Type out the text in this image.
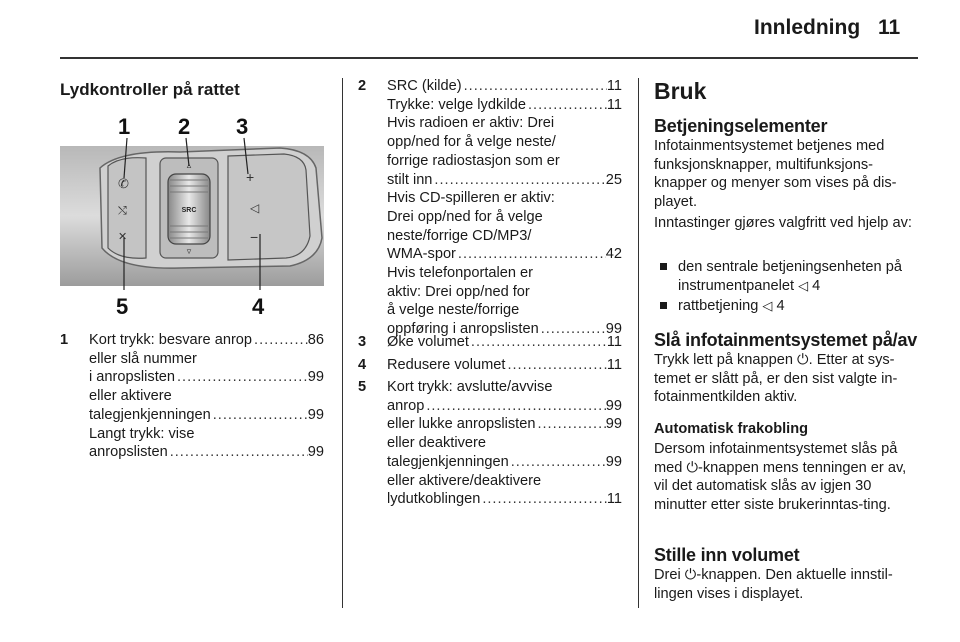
Innledning 11
Lydkontroller på rattet
SRC
▵
▿
✆
⤭
✕
+
◁
−
1 2 3
4
5
1 Kort trykk: besvare anrop .....	86
eller slå nummer
i anropslisten .....	99
eller aktivere
talegjenkjenningen .....	99
Langt trykk: vise
anropslisten .....	99
2 SRC (kilde) .....	11
Trykke: velge lydkilde .....	11
Hvis radioen er aktiv: Drei
opp/ned for å velge neste/
forrige radiostasjon som er
stilt inn .....	25
Hvis CD-spilleren er aktiv:
Drei opp/ned for å velge
neste/forrige CD/MP3/
WMA-spor .....	42
Hvis telefonportalen er
aktiv: Drei opp/ned for
å velge neste/forrige
oppføring i anropslisten .....	99
3 Øke volumet .....	11
4 Redusere volumet .....	11
5 Kort trykk: avslutte/avvise
anrop .....	99
eller lukke anropslisten .....	99
eller deaktivere
talegjenkjenningen .....	99
eller aktivere/deaktivere
lydutkoblingen .....	11
Bruk
Betjeningselementer
Infotainmentsystemet betjenes med funksjonsknapper, multifunksjons-knapper og menyer som vises på dis-playet.
Inntastinger gjøres valgfritt ved hjelp av:
den sentrale betjeningsenheten på instrumentpanelet ◁ 4
rattbetjening ◁ 4
Slå infotainmentsystemet på/av
Trykk lett på knappen ⏻. Etter at sys-temet er slått på, er den sist valgte in-fotainmentkilden aktiv.
Automatisk frakobling
Dersom infotainmentsystemet slås på med ⏻-knappen mens tenningen er av, vil det automatisk slås av igjen 30 minutter etter siste brukerinntas-ting.
Stille inn volumet
Drei ⏻-knappen. Den aktuelle innstil-lingen vises i displayet.
